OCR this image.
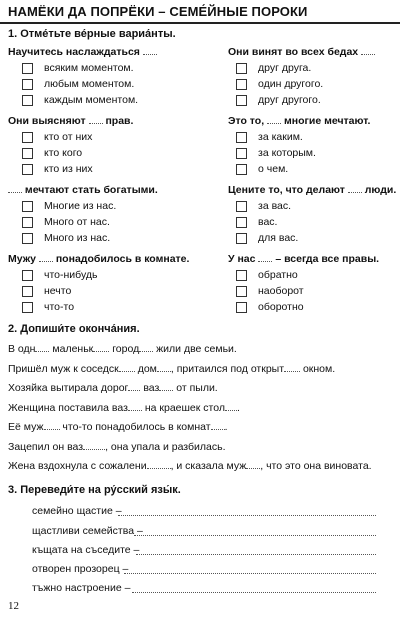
НАМЁКИ ДА ПОПРЁКИ – СЕМЕ́ЙНЫЕ ПОРОКИ
1. Отме́тьте ве́рные вариа́нты.
Научитесь наслаждаться	Они винят во всех бедах
всяким моментом.
любым моментом.
каждым моментом.
друг друга.
один другого.
друг другого.
Они выясняют прав.	Это то, многие мечтают.
кто от них
кто кого
кто из них
за каким.
за которым.
о чем.
мечтают стать богатыми.	Цените то, что делают люди.
Многие из нас.
Много от нас.
Много из нас.
за вас.
вас.
для вас.
Мужу понадобилось в комнате.	У нас – всегда все правы.
что-нибудь
нечто
что-то
обратно
наоборот
оборотно
2. Допиши́те оконча́ния.
В одн маленьк город жили две семьи.
Пришёл муж к соседск дом , притаился под открыт окном.
Хозяйка вытирала дорог ваз от пыли.
Женщина поставила ваз на краешек стол .
Её муж что-то понадобилось в комнат .
Зацепил он ваз , она упала и разбилась.
Жена вздохнула с сожалени , и сказала муж , что это она виновата.
3. Переведи́те на ру́сский язы́к.
семейно щастие –
щастливи семейства –
къщата на съседите –
отворен прозорец –
тъжно настроение –
12
